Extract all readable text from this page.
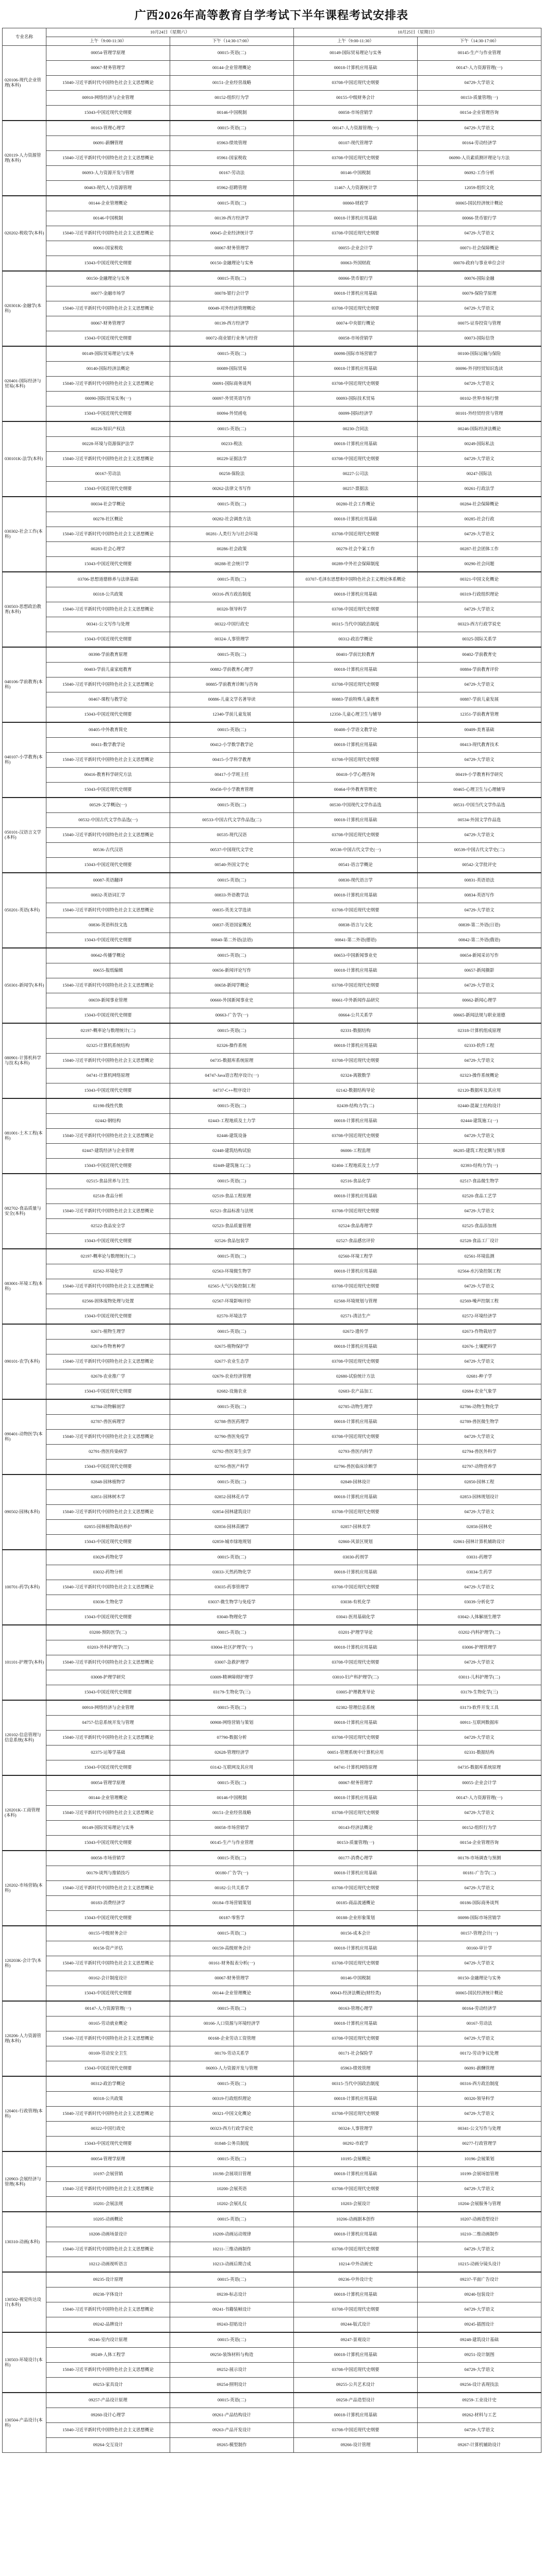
广西2026年高等教育自学考试下半年课程考试安排表
专业名称	10月24日（星期六）		10月25日（星期日）	
	上午（9:00-11:30）	下午（14:30-17:00）	上午（9:00-11:30）	下午（14:30-17:00）
020106-现代企业管理(本科)	00054-管理学原理	00015-英语(二)	00149-国际贸易理论与实务	00145-生产与作业管理
	00067-财务管理学	00144-企业管理概论	00018-计算机应用基础	00147-人力资源管理(一)
	15040-习近平新时代中国特色社会主义思想概论	00151-企业经营战略	03708-中国近现代史纲要	04729-大学语文
	00910-网络经济与企业管理	00152-组织行为学	00155-中级财务会计	00153-质量管理(一)
	15043-中国近现代史纲要	00146-中国税制	00058-市场营销学	00154-企业管理咨询
020119-人力资源管理(本科)	00163-管理心理学	00015-英语(二)	00147-人力资源管理(一)	04729-大学语文
	06091-薪酬管理	05963-绩效管理	00107-现代管理学	00164-劳动经济学
	15040-习近平新时代中国特色社会主义思想概论	05961-国家税收	03708-中国近现代史纲要	06090-人员素质测评理论与方法
	06093-人力资源开发与管理	00167-劳动法	00146-中国税制	06092-工作分析
	00463-现代人力资源管理	05962-招聘管理	11467-人力资源统计学	12059-组织文化
020202-税收学(本科)	00144-企业管理概论	00015-英语(二)	00060-财政学	00065-国民经济统计概论
	00146-中国税制	00139-西方经济学	00018-计算机应用基础	00066-货币银行学
	15040-习近平新时代中国特色社会主义思想概论	00045-企业经济统计学	03708-中国近现代史纲要	04729-大学语文
	00061-国家税收	00067-财务管理学	00055-企业会计学	00071-社会保障概论
	15043-中国近现代史纲要	00150-金融理论与实务	00063-外国财政	00070-政府与事业单位会计
020301K-金融学(本科)	00150-金融理论与实务	00015-英语(二)	00066-货币银行学	00076-国际金融
	00077-金融市场学	00078-银行会计学	00018-计算机应用基础	00079-保险学原理
	15040-习近平新时代中国特色社会主义思想概论	00049-对外经济管理概论	03708-中国近现代史纲要	04729-大学语文
	00067-财务管理学	00139-西方经济学	00074-中央银行概论	00075-证券投资与管理
	15043-中国近现代史纲要	00072-商业银行业务与经营	00058-市场营销学	00073-国际信贷
020401-国际经济与贸易(本科)	00149-国际贸易理论与实务	00015-英语(二)	00098-国际市场营销学	00100-国际运输与保险
	00140-国际经济法概论	00089-国际贸易	00018-计算机应用基础	00096-外刊经贸知识选读
	15040-习近平新时代中国特色社会主义思想概论	00091-国际商务谈判	03708-中国近现代史纲要	04729-大学语文
	00090-国际贸易实务(一)	00097-外贸英语写作	00093-国际技术贸易	00102-世界市场行情
	15043-中国近现代史纲要	00094-外贸函电	00099-国际经济学	00101-外经贸经营与管理
030101K-法学(本科)	00226-知识产权法	00015-英语(二)	00230-合同法	00246-国际经济法概论
	00228-环境与资源保护法学	00233-税法	00018-计算机应用基础	00249-国际私法
	15040-习近平新时代中国特色社会主义思想概论	00229-证据法学	03708-中国近现代史纲要	04729-大学语文
	00167-劳动法	00258-保险法	00227-公司法	00247-国际法
	15043-中国近现代史纲要	00262-法律文书写作	00257-票据法	00261-行政法学
030302-社会工作(本科)	00034-社会学概论	00015-英语(二)	00280-社会工作概论	00284-社会保障概论
	00278-社区概论	00282-社会调查方法	00018-计算机应用基础	00285-社会行政
	15040-习近平新时代中国特色社会主义思想概论	00281-人类行为与社会环境	03708-中国近现代史纲要	04729-大学语文
	00283-社会心理学	00286-社会政策	00279-社会个案工作	00287-社会团体工作
	15043-中国近现代史纲要	00288-社会统计学	00289-中外社会保障制度	00290-社会问题
030503-思想政治教育(本科)	03706-思想道德修养与法律基础	00015-英语(二)	03707-毛泽东思想和中国特色社会主义理论体系概论	00321-中国文化概论
	00318-公共政策	00316-西方政治制度	00018-计算机应用基础	00319-行政组织理论
	15040-习近平新时代中国特色社会主义思想概论	00320-领导科学	03708-中国近现代史纲要	04729-大学语文
	00341-公文写作与处理	00322-中国行政史	00315-当代中国政治制度	00323-西方行政学说史
	15043-中国近现代史纲要	00324-人事管理学	00312-政治学概论	00325-国际关系学
040106-学前教育(本科)	00398-学前教育原理	00015-英语(二)	00401-学前比较教育	00402-学前教育史
	00403-学前儿童家庭教育	00882-学前教育心理学	00018-计算机应用基础	00884-学前教育评价
	15040-习近平新时代中国特色社会主义思想概论	00885-学前教育诊断与咨询	03708-中国近现代史纲要	04729-大学语文
	00467-课程与教学论	00886-儿童文学名著导读	00883-学前特殊儿童教育	00887-学前儿童发展
	15043-中国近现代史纲要	12340-学前儿童发展	12350-儿童心理卫生与辅导	12351-学前教育管理
040107-小学教育(本科)	00405-中外教育简史	00015-英语(二)	00408-小学语文教学论	00409-美育基础
	00411-数学教学论	00412-小学数学教学论	00018-计算机应用基础	00413-现代教育技术
	15040-习近平新时代中国特色社会主义思想概论	00415-小学科学教育	03708-中国近现代史纲要	04729-大学语文
	00416-教育科学研究方法	00417-小学班主任	00418-小学心理咨询	00419-小学教育科学研究
	15043-中国近现代史纲要	00458-中小学教育管理	00464-中外教育管理史	00465-心理卫生与心理辅导
050101-汉语言文学(本科)	00529-文学概论(一)	00015-英语(二)	00530-中国现代文学作品选	00531-中国当代文学作品选
	00532-中国古代文学作品选(一)	00533-中国古代文学作品选(二)	00018-计算机应用基础	00534-外国文学作品选
	15040-习近平新时代中国特色社会主义思想概论	00535-现代汉语	03708-中国近现代史纲要	04729-大学语文
	00536-古代汉语	00537-中国现代文学史	00538-中国古代文学史(一)	00539-中国古代文学史(二)
	15043-中国近现代史纲要	00540-外国文学史	00541-语言学概论	00542-文学批评史
050201-英语(本科)	00087-英语翻译	00015-英语(二)	00830-现代语言学	00831-英语语法
	00832-英语词汇学	00833-外语教学法	00018-计算机应用基础	00834-英语写作
	15040-习近平新时代中国特色社会主义思想概论	00835-英美文学选读	03708-中国近现代史纲要	04729-大学语文
	00836-英语科技文选	00837-英语国家概况	00838-语言与文化	00839-第二外语(日语)
	15043-中国近现代史纲要	00840-第二外语(法语)	00841-第二外语(德语)	00842-第二外语(俄语)
050301-新闻学(本科)	00642-传播学概论	00015-英语(二)	00653-中国新闻事业史	00654-新闻采访写作
	00655-报纸编辑	00656-新闻评论写作	00018-计算机应用基础	00657-新闻摄影
	15040-习近平新时代中国特色社会主义思想概论	00658-新闻学概论	03708-中国近现代史纲要	04729-大学语文
	00659-新闻事业管理	00660-外国新闻事业史	00661-中外新闻作品研究	00662-新闻心理学
	15043-中国近现代史纲要	00663-广告学(一)	00664-公共关系学	00665-新闻法规与职业道德
080901-计算机科学与技术(本科)	02197-概率论与数理统计(二)	00015-英语(二)	02331-数据结构	02318-计算机组成原理
	02325-计算机系统结构	02326-操作系统	00018-计算机应用基础	02333-软件工程
	15040-习近平新时代中国特色社会主义思想概论	04735-数据库系统原理	03708-中国近现代史纲要	04729-大学语文
	04741-计算机网络原理	04747-Java语言程序设计(一)	02324-离散数学	02323-操作系统概论
	15043-中国近现代史纲要	04737-C++程序设计	02142-数据结构导论	02120-数据库及其应用
081001-土木工程(本科)	02198-线性代数	00015-英语(二)	02439-结构力学(二)	02440-混凝土结构设计
	02442-钢结构	02443-工程地质及土力学	00018-计算机应用基础	02444-建筑施工(一)
	15040-习近平新时代中国特色社会主义思想概论	02446-建筑设备	03708-中国近现代史纲要	04729-大学语文
	02447-建筑经济与企业管理	02448-建筑结构试验	06006-工程监理	06285-建筑工程定额与预算
	15043-中国近现代史纲要	02449-建筑施工(二)	02404-工程地质及土力学	02393-结构力学(一)
082702-食品质量与安全(本科)	02515-食品营养与卫生	00015-英语(二)	02516-食品化学	02517-食品微生物学
	02518-食品分析	02519-食品工程原理	00018-计算机应用基础	02520-食品工艺学
	15040-习近平新时代中国特色社会主义思想概论	02521-食品标准与法规	03708-中国近现代史纲要	04729-大学语文
	02522-食品安全学	02523-食品质量管理	02524-食品毒理学	02525-食品添加剂
	15043-中国近现代史纲要	02526-食品包装学	02527-食品感官评价	02528-食品工厂设计
083001-环境工程(本科)	02197-概率论与数理统计(二)	00015-英语(二)	02560-环境工程学	02561-环境监测
	02562-环境化学	02563-环境微生物学	00018-计算机应用基础	02564-水污染控制工程
	15040-习近平新时代中国特色社会主义思想概论	02565-大气污染控制工程	03708-中国近现代史纲要	04729-大学语文
	02566-固体废物处理与处置	02567-环境影响评价	02568-环境规划与管理	02569-噪声控制工程
	15043-中国近现代史纲要	02570-环境法学	02571-清洁生产	02572-环境经济学
090101-农学(本科)	02671-植物生理学	00015-英语(二)	02672-遗传学	02673-作物栽培学
	02674-作物育种学	02675-植物保护学	00018-计算机应用基础	02676-土壤肥料学
	15040-习近平新时代中国特色社会主义思想概论	02677-农业生态学	03708-中国近现代史纲要	04729-大学语文
	02678-农业推广学	02679-农业经济管理	02680-试验统计方法	02681-种子学
	15043-中国近现代史纲要	02682-设施农业	02683-农产品加工	02684-农业气象学
090401-动物医学(本科)	02784-动物解剖学	00015-英语(二)	02785-动物生理学	02786-动物生物化学
	02787-兽医病理学	02788-兽医药理学	00018-计算机应用基础	02789-兽医微生物学
	15040-习近平新时代中国特色社会主义思想概论	02790-兽医免疫学	03708-中国近现代史纲要	04729-大学语文
	02791-兽医传染病学	02792-兽医寄生虫学	02793-兽医内科学	02794-兽医外科学
	15043-中国近现代史纲要	02795-兽医产科学	02796-兽医临床诊断学	02797-动物营养学
090502-园林(本科)	02848-园林植物学	00015-英语(二)	02849-园林设计	02850-园林工程
	02851-园林树木学	02852-园林花卉学	00018-计算机应用基础	02853-园林规划设计
	15040-习近平新时代中国特色社会主义思想概论	02854-园林建筑设计	03708-中国近现代史纲要	04729-大学语文
	02855-园林植物栽培养护	02856-园林苗圃学	02857-园林美学	02858-园林史
	15043-中国近现代史纲要	02859-城市绿地规划	02860-风景区规划	02861-园林计算机辅助设计
100701-药学(本科)	03029-药物化学	00015-英语(二)	03030-药剂学	03031-药理学
	03032-药物分析	03033-天然药物化学	00018-计算机应用基础	03034-生药学
	15040-习近平新时代中国特色社会主义思想概论	03035-药事管理学	03708-中国近现代史纲要	04729-大学语文
	03036-生物化学	03037-微生物学与免疫学	03038-有机化学	03039-分析化学
	15043-中国近现代史纲要	03040-物理化学	03041-医用基础化学	03042-人体解剖生理学
101101-护理学(本科)	03200-预防医学(二)	00015-英语(二)	03201-护理学导论	03202-内科护理学(二)
	03203-外科护理学(二)	03004-社区护理学(一)	00018-计算机应用基础	03006-护理管理学
	15040-习近平新时代中国特色社会主义思想概论	03007-急救护理学	03708-中国近现代史纲要	04729-大学语文
	03008-护理学研究	03009-精神障碍护理学	03010-妇产科护理学(二)	03011-儿科护理学(二)
	15043-中国近现代史纲要	03179-生物化学(三)	03005-护理教育导论	03179-生物化学(三)
120102-信息管理与信息系统(本科)	00910-网络经济与企业管理	00015-英语(二)	02382-管理信息系统	03173-软件开发工具
	04757-信息系统开发与管理	00908-网络营销与策划	00018-计算机应用基础	00911-互联网数据库
	15040-习近平新时代中国特色社会主义思想概论	07790-数据分析	03708-中国近现代史纲要	04729-大学语文
	02375-运筹学基础	02628-管理经济学	00051-管理系统中计算机应用	02331-数据结构
	15043-中国近现代史纲要	03142-互联网及其应用	04741-计算机网络原理	04735-数据库系统原理
120201K-工商管理(本科)	00054-管理学原理	00015-英语(二)	00067-财务管理学	00055-企业会计学
	00144-企业管理概论	00146-中国税制	00018-计算机应用基础	00147-人力资源管理(一)
	15040-习近平新时代中国特色社会主义思想概论	00151-企业经营战略	03708-中国近现代史纲要	04729-大学语文
	00149-国际贸易理论与实务	00058-市场营销学	00143-经济法概论	00152-组织行为学
	15043-中国近现代史纲要	00145-生产与作业管理	00153-质量管理(一)	00154-企业管理咨询
120202-市场营销(本科)	00058-市场营销学	00015-英语(二)	00177-消费心理学	00178-市场调查与预测
	00179-谈判与推销技巧	00180-广告学(一)	00018-计算机应用基础	00181-广告学(二)
	15040-习近平新时代中国特色社会主义思想概论	00182-公共关系学	03708-中国近现代史纲要	04729-大学语文
	00183-消费经济学	00184-市场营销策划	00185-商品流通概论	00186-国际商务谈判
	15043-中国近现代史纲要	00187-零售学	00188-企业形象策划	00098-国际市场营销学
120203K-会计学(本科)	00155-中级财务会计	00015-英语(二)	00156-成本会计	00157-管理会计(一)
	00158-资产评估	00159-高级财务会计	00018-计算机应用基础	00160-审计学
	15040-习近平新时代中国特色社会主义思想概论	00161-财务报表分析(一)	03708-中国近现代史纲要	04729-大学语文
	00162-会计制度设计	00067-财务管理学	00146-中国税制	00150-金融理论与实务
	15043-中国近现代史纲要	00144-企业管理概论	00043-经济法概论(财经类)	00065-国民经济统计概论
120206-人力资源管理(本科)	00147-人力资源管理(一)	00015-英语(二)	00163-管理心理学	00164-劳动经济学
	00165-劳动就业概论	00166-人口资源与环境经济学	00018-计算机应用基础	00167-劳动法
	15040-习近平新时代中国特色社会主义思想概论	00168-企业劳动工资管理	03708-中国近现代史纲要	04729-大学语文
	00169-劳动安全卫生	00170-劳动关系学	00171-社会保险学	00172-劳动争议处理
	15043-中国近现代史纲要	06093-人力资源开发与管理	05963-绩效管理	06091-薪酬管理
120401-行政管理(本科)	00312-政治学概论	00015-英语(二)	00315-当代中国政治制度	00316-西方政治制度
	00318-公共政策	00319-行政组织理论	00018-计算机应用基础	00320-领导科学
	15040-习近平新时代中国特色社会主义思想概论	00321-中国文化概论	03708-中国近现代史纲要	04729-大学语文
	00322-中国行政史	00323-西方行政学说史	00324-人事管理学	00341-公文写作与处理
	15043-中国近现代史纲要	01848-公务员制度	00292-市政学	00277-行政管理学
120903-会展经济与管理(本科)	00054-管理学原理	00015-英语(二)	10195-会展概论	10196-会展策划
	10197-会展营销	10198-会展项目管理	00018-计算机应用基础	10199-会展场馆管理
	15040-习近平新时代中国特色社会主义思想概论	10200-会展英语	03708-中国近现代史纲要	04729-大学语文
	10201-会展法规	10202-会展礼仪	10203-会展设计	10204-会展服务与管理
130310-动画(本科)	10205-动画概论	00015-英语(二)	10206-动画剧本创作	10207-动画造型设计
	10208-动画场景设计	10209-动画运动规律	00018-计算机应用基础	10210-二维动画制作
	15040-习近平新时代中国特色社会主义思想概论	10211-三维动画制作	03708-中国近现代史纲要	04729-大学语文
	10212-动画视听语言	10213-动画后期合成	10214-中外动画史	10215-动画分镜头设计
130502-视觉传达设计(本科)	09235-设计原理	00015-英语(二)	09236-中外设计史	09237-平面广告设计
	09238-字体设计	09239-标志设计	00018-计算机应用基础	09240-包装设计
	15040-习近平新时代中国特色社会主义思想概论	09241-书籍装帧设计	03708-中国近现代史纲要	04729-大学语文
	09242-品牌设计	09243-招贴设计	09244-版式设计	09245-插图设计
130503-环境设计(本科)	09246-室内设计原理	00015-英语(二)	09247-景观设计	09248-建筑设计基础
	09249-人体工程学	09250-装饰材料与构造	00018-计算机应用基础	09251-设计制图
	15040-习近平新时代中国特色社会主义思想概论	09252-展示设计	03708-中国近现代史纲要	04729-大学语文
	09253-家具设计	09254-照明设计	09255-公共艺术设计	09256-设计表现技法
130504-产品设计(本科)	09257-产品设计原理	00015-英语(二)	09258-产品造型设计	09259-工业设计史
	09260-设计心理学	09261-产品结构设计	00018-计算机应用基础	09262-材料与工艺
	15040-习近平新时代中国特色社会主义思想概论	09263-产品开发设计	03708-中国近现代史纲要	04729-大学语文
	09264-交互设计	09265-模型制作	09266-设计管理	09267-计算机辅助设计
